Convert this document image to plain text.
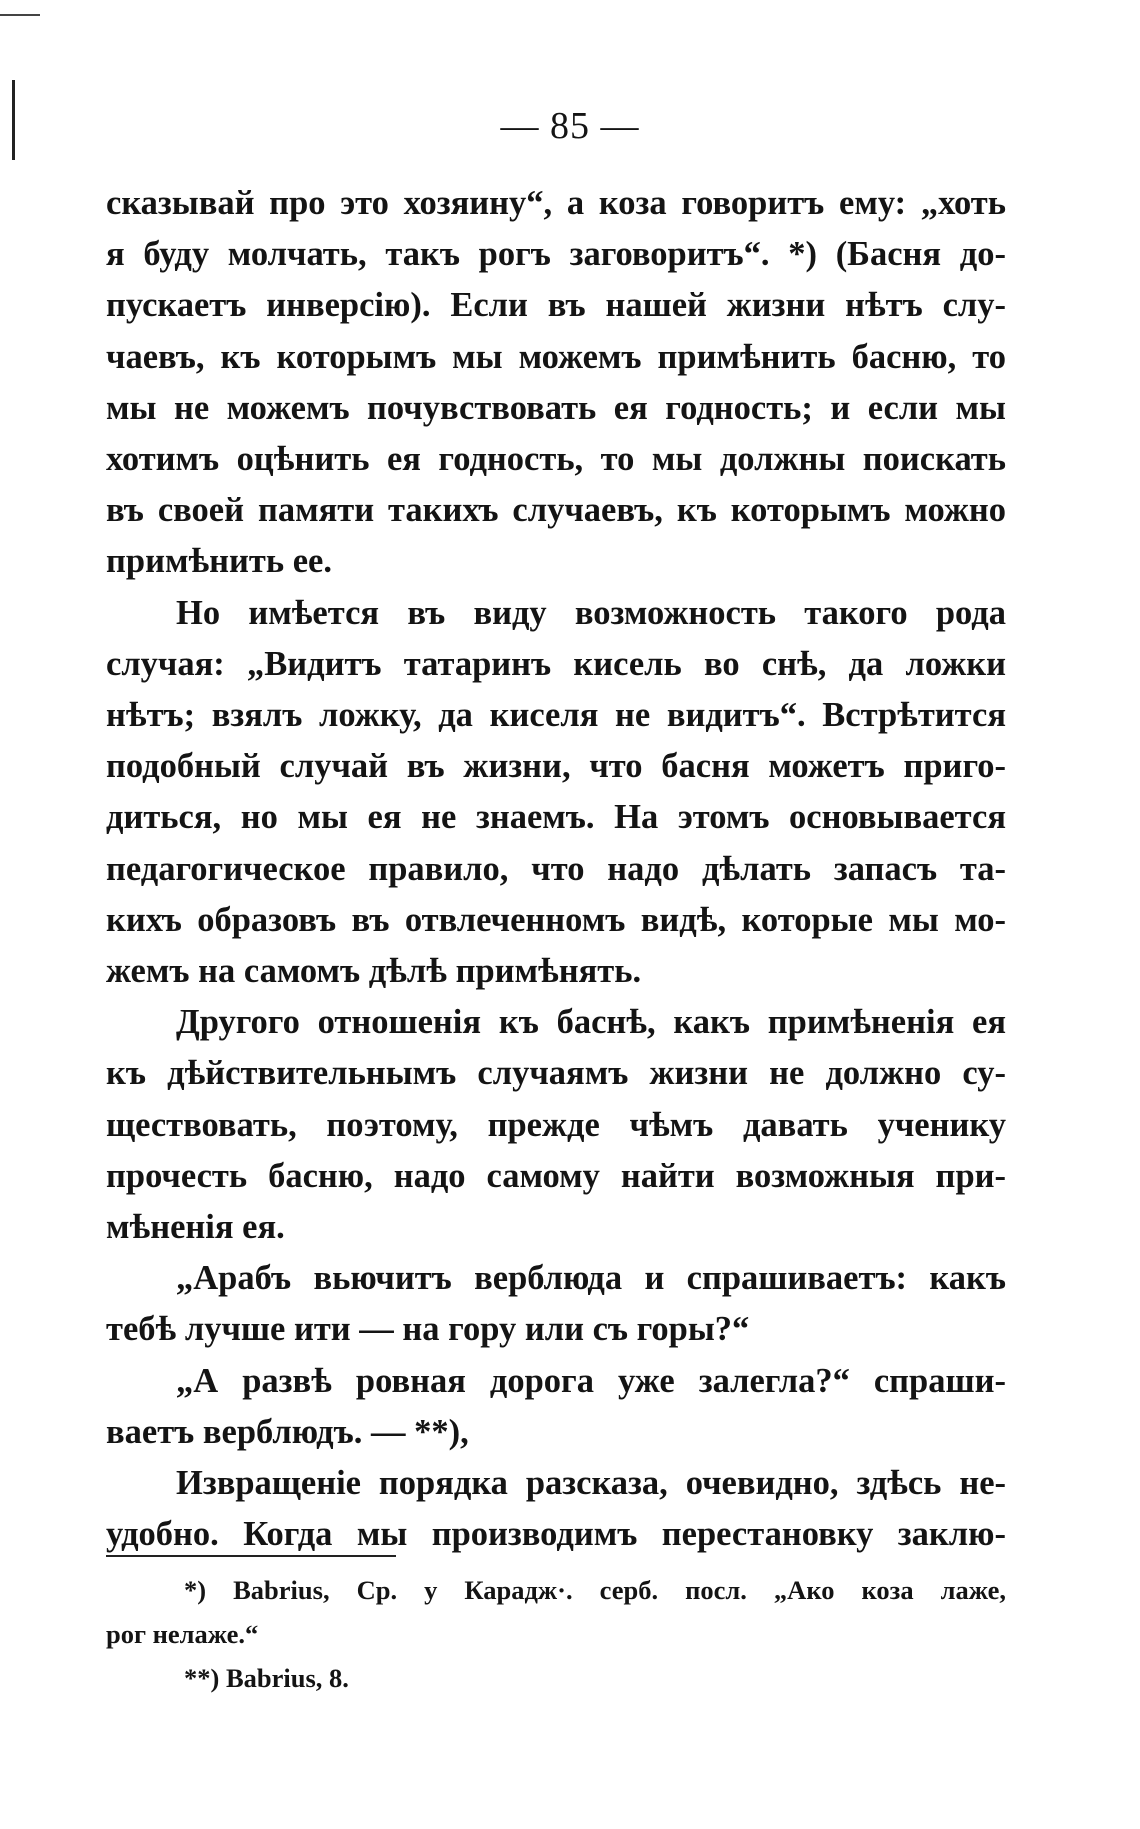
— 85 —
сказывай про это хозяину“, а коза говоритъ ему: „хоть
я буду молчать, такъ рогъ заговоритъ“. *) (Басня до-
пускаетъ инверсію). Если въ нашей жизни нѣтъ слу-
чаевъ, къ которымъ мы можемъ примѣнить басню, то
мы не можемъ почувствовать ея годность; и если мы
хотимъ оцѣнить ея годность, то мы должны поискать
въ своей памяти такихъ случаевъ, къ которымъ можно
примѣнить ее.
Но имѣется въ виду возможность такого рода
случая: „Видитъ татаринъ кисель во снѣ, да ложки
нѣтъ; взялъ ложку, да киселя не видитъ“. Встрѣтится
подобный случай въ жизни, что басня можетъ приго-
диться, но мы ея не знаемъ. На этомъ основывается
педагогическое правило, что надо дѣлать запасъ та-
кихъ образовъ въ отвлеченномъ видѣ, которые мы мо-
жемъ на самомъ дѣлѣ примѣнять.
Другого отношенія къ баснѣ, какъ примѣненія ея
къ дѣйствительнымъ случаямъ жизни не должно су-
ществовать, поэтому, прежде чѣмъ давать ученику
прочесть басню, надо самому найти возможныя при-
мѣненія ея.
„Арабъ вьючитъ верблюда и спрашиваетъ: какъ
тебѣ лучше ити — на гору или съ горы?“
„А развѣ ровная дорога уже залегла?“ спраши-
ваетъ верблюдъ. — **),
Извращеніе порядка разсказа, очевидно, здѣсь не-
удобно. Когда мы производимъ перестановку заклю-
*) Babrius, Ср. у Карадж·. серб. посл. „Ако коза лаже,
рог нелаже.“
**) Babrius, 8.
